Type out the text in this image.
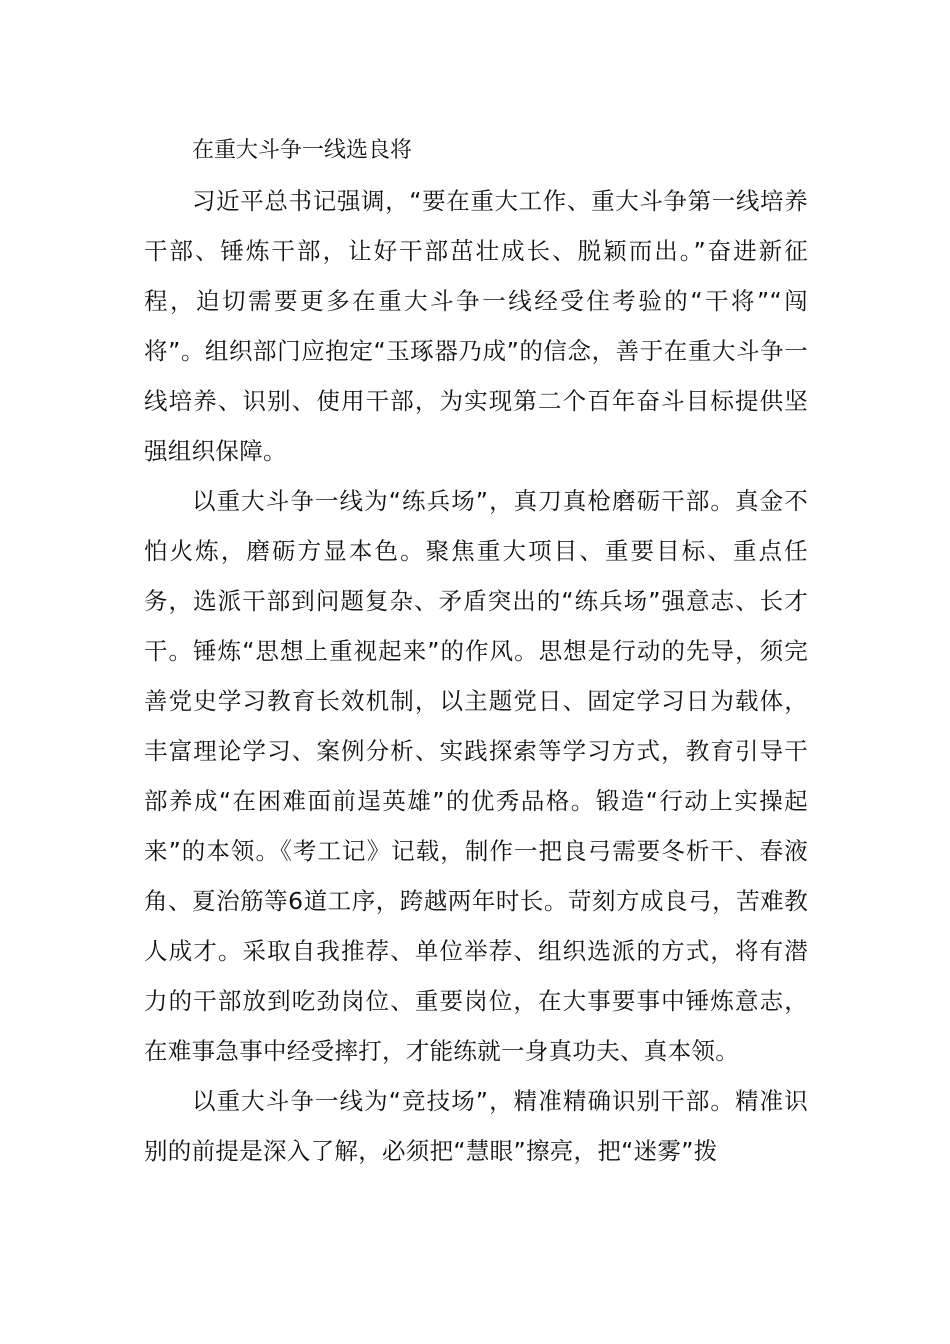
在重大斗争一线选良将

习近平总书记强调，“要在重大工作、重大斗争第一线培养干部、锤炼干部，让好干部茁壮成长、脱颖而出。”奋进新征程，迫切需要更多在重大斗争一线经受住考验的“干将”“闯将”。组织部门应抱定“玉琢器乃成”的信念，善于在重大斗争一线培养、识别、使用干部，为实现第二个百年奋斗目标提供坚强组织保障。

以重大斗争一线为“练兵场”，真刀真枪磨砺干部。真金不怕火炼，磨砺方显本色。聚焦重大项目、重要目标、重点任务，选派干部到问题复杂、矛盾突出的“练兵场”强意志、长才干。锤炼“思想上重视起来”的作风。思想是行动的先导，须完善党史学习教育长效机制，以主题党日、固定学习日为载体，丰富理论学习、案例分析、实践探索等学习方式，教育引导干部养成“在困难面前逞英雄”的优秀品格。锻造“行动上实操起来”的本领。《考工记》记载，制作一把良弓需要冬析干、春液角、夏治筋等6道工序，跨越两年时长。苛刻方成良弓，苦难教人成才。采取自我推荐、单位举荐、组织选派的方式，将有潜力的干部放到吃劲岗位、重要岗位，在大事要事中锤炼意志，在难事急事中经受摔打，才能练就一身真功夫、真本领。

以重大斗争一线为“竞技场”，精准精确识别干部。精准识别的前提是深入了解，必须把“慧眼”擦亮，把“迷雾”拨
